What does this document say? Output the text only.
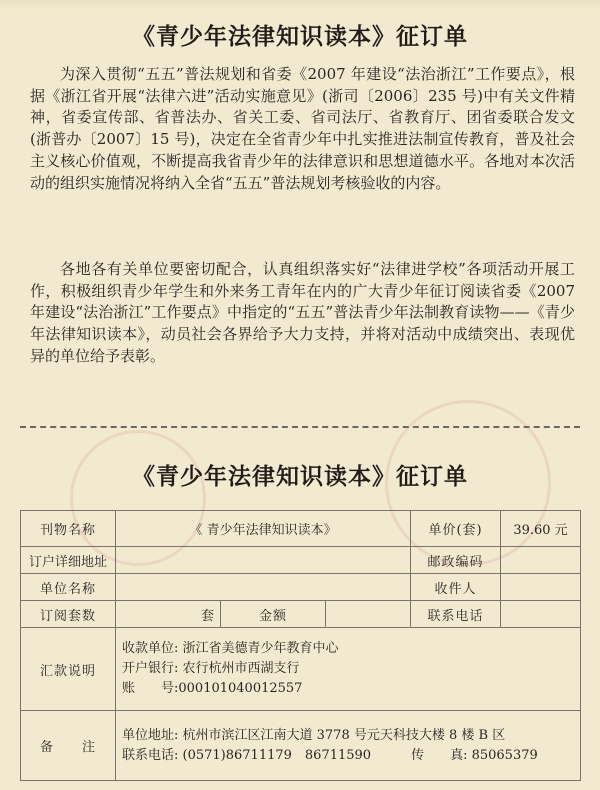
《青少年法律知识读本》征订单

为深入贯彻“五五”普法规划和省委《2007 年建设“法治浙江”工作要点》，根据《浙江省开展“法律六进”活动实施意见》(浙司〔2006〕235 号)中有关文件精神，省委宣传部、省普法办、省关工委、省司法厅、省教育厅、团省委联合发文(浙普办〔2007〕15 号)，决定在全省青少年中扎实推进法制宣传教育，普及社会主义核心价值观，不断提高我省青少年的法律意识和思想道德水平。各地对本次活动的组织实施情况将纳入全省“五五”普法规划考核验收的内容。

各地各有关单位要密切配合，认真组织落实好“法律进学校”各项活动开展工作，积极组织青少年学生和外来务工青年在内的广大青少年征订阅读省委《2007 年建设“法治浙江”工作要点》中指定的“五五”普法青少年法制教育读物——《青少年法律知识读本》，动员社会各界给予大力支持，并将对活动中成绩突出、表现优异的单位给予表彰。

《青少年法律知识读本》征订单
刊物名称	《 青少年法律知识读本》			单价(套)	39.60 元
订户详细地址				邮政编码	
单位名称				收件人	
订阅套数	套	金额		联系电话	
汇款说明	收款单位: 浙江省美德青少年教育中心
开户银行: 农行杭州市西湖支行
账　　号:000101040012557				

备　　注	单位地址: 杭州市滨江区江南大道 3778 号元天科技大楼 8 楼 B 区
联系电话: (0571)86711179　86711590 传　　真: 85065379				
